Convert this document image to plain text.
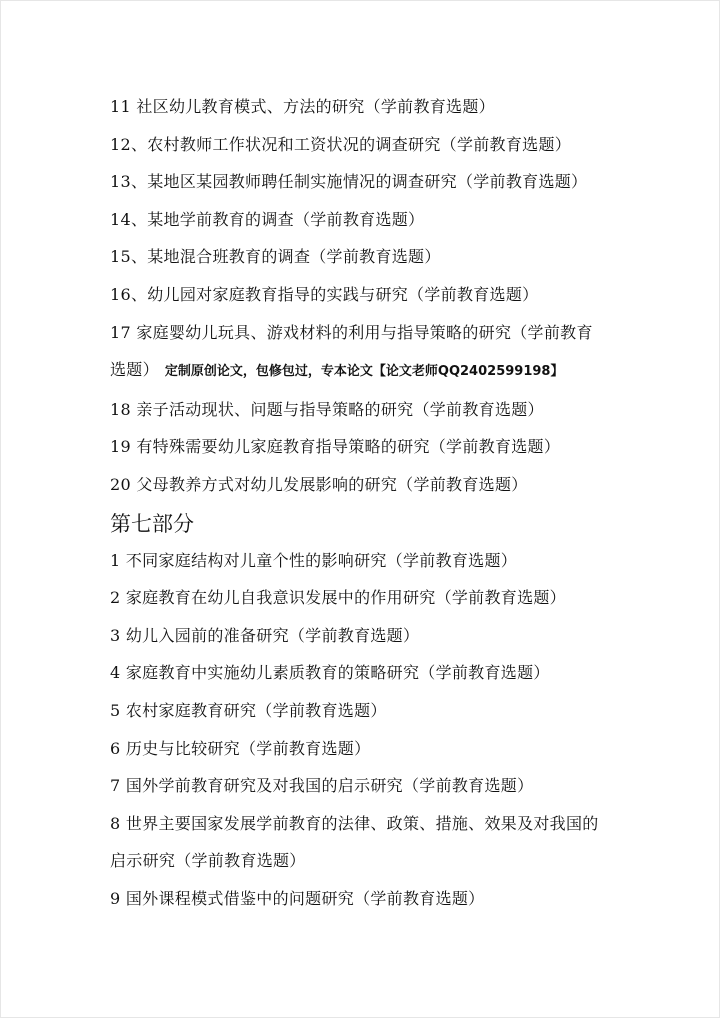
11 社区幼儿教育模式、方法的研究（学前教育选题）
12、农村教师工作状况和工资状况的调查研究（学前教育选题）
13、某地区某园教师聘任制实施情况的调查研究（学前教育选题）
14、某地学前教育的调查（学前教育选题）
15、某地混合班教育的调查（学前教育选题）
16、幼儿园对家庭教育指导的实践与研究（学前教育选题）
17 家庭婴幼儿玩具、游戏材料的利用与指导策略的研究（学前教育
选题） 定制原创论文，包修包过，专本论文【论文老师QQ2402599198】
18 亲子活动现状、问题与指导策略的研究（学前教育选题）
19 有特殊需要幼儿家庭教育指导策略的研究（学前教育选题）
20 父母教养方式对幼儿发展影响的研究（学前教育选题）
第七部分
1 不同家庭结构对儿童个性的影响研究（学前教育选题）
2 家庭教育在幼儿自我意识发展中的作用研究（学前教育选题）
3 幼儿入园前的准备研究（学前教育选题）
4 家庭教育中实施幼儿素质教育的策略研究（学前教育选题）
5 农村家庭教育研究（学前教育选题）
6 历史与比较研究（学前教育选题）
7 国外学前教育研究及对我国的启示研究（学前教育选题）
8 世界主要国家发展学前教育的法律、政策、措施、效果及对我国的
启示研究（学前教育选题）
9 国外课程模式借鉴中的问题研究（学前教育选题）
